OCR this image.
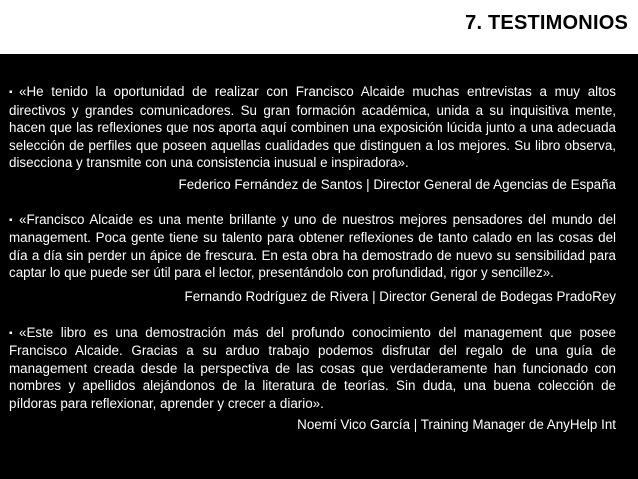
7. TESTIMONIOS

▪ «He tenido la oportunidad de realizar con Francisco Alcaide muchas entrevistas a muy altos directivos y grandes comunicadores. Su gran formación académica, unida a su inquisitiva mente, hacen que las reflexiones que nos aporta aquí combinen una exposición lúcida junto a una adecuada selección de perfiles que poseen aquellas cualidades que distinguen a los mejores. Su libro observa, disecciona y transmite con una consistencia inusual e inspiradora».

Federico Fernández de Santos | Director General de Agencias de España

▪ «Francisco Alcaide es una mente brillante y uno de nuestros mejores pensadores del mundo del management. Poca gente tiene su talento para obtener reflexiones de tanto calado en las cosas del día a día sin perder un ápice de frescura. En esta obra ha demostrado de nuevo su sensibilidad para captar lo que puede ser útil para el lector, presentándolo con profundidad, rigor y sencillez».

Fernando Rodríguez de Rivera | Director General de Bodegas PradoRey

▪ «Este libro es una demostración más del profundo conocimiento del management que posee Francisco Alcaide. Gracias a su arduo trabajo podemos disfrutar del regalo de una guía de management creada desde la perspectiva de las cosas que verdaderamente han funcionado con nombres y apellidos alejándonos de la literatura de teorías. Sin duda, una buena colección de píldoras para reflexionar, aprender y crecer a diario».

Noemí Vico García | Training Manager de AnyHelp Int
